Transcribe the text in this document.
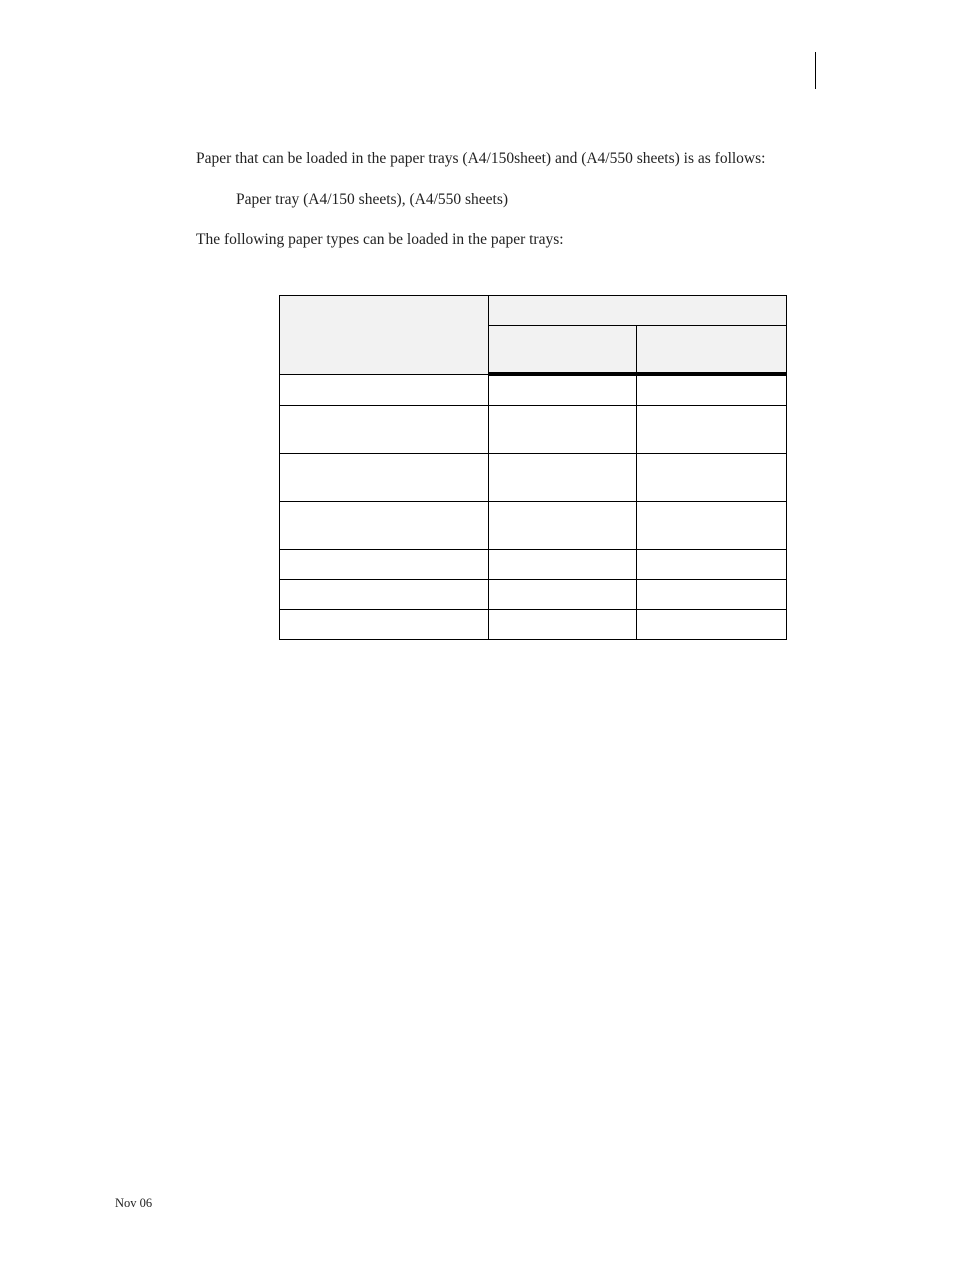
Paper that can be loaded in the paper trays (A4/150sheet) and (A4/550 sheets) is as follows:

Paper tray (A4/150 sheets), (A4/550 sheets)

The following paper types can be loaded in the paper trays:

Nov 06
